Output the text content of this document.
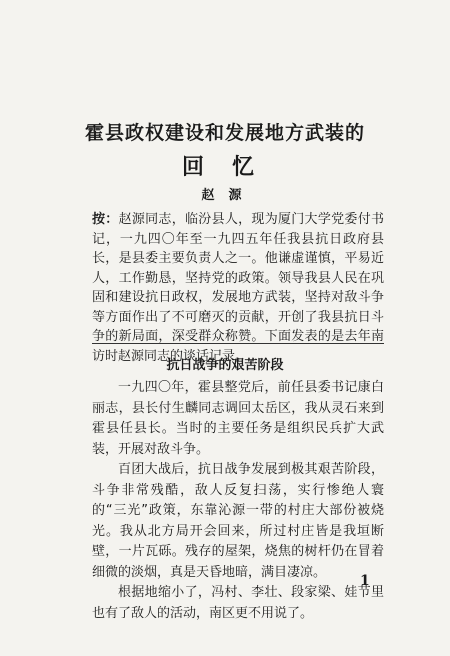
霍县政权建设和发展地方武装的
回忆
赵源
按：赵源同志，临汾县人，现为厦门大学党委付书记，一九四〇年至一九四五年任我县抗日政府县长，是县委主要负责人之一。他谦虚谨慎，平易近人，工作勤恳，坚持党的政策。领导我县人民在巩固和建设抗日政权，发展地方武装，坚持对敌斗争等方面作出了不可磨灭的贡献，开创了我县抗日斗争的新局面，深受群众称赞。下面发表的是去年南访时赵源同志的谈话记录。
抗日战争的艰苦阶段

一九四〇年，霍县整党后，前任县委书记康白丽志，县长付生麟同志调回太岳区，我从灵石来到霍县任县长。当时的主要任务是组织民兵扩大武装，开展对敌斗争。

百团大战后，抗日战争发展到极其艰苦阶段，斗争非常残酷，敌人反复扫荡，实行惨绝人寰的“三光”政策，东靠沁源一带的村庄大部份被烧光。我从北方局开会回来，所过村庄皆是我垣断壁，一片瓦砾。残存的屋架，烧焦的树杆仍在冒着细微的淡烟，真是天昏地暗，满目凄凉。

根据地缩小了，冯村、李壮、段家梁、娃节里也有了敌人的活动，南区更不用说了。

1
